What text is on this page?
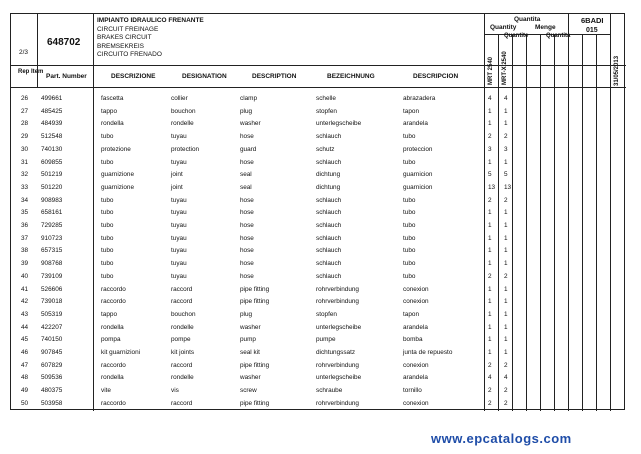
2/3
648702
IMPIANTO IDRAULICO FRENANTE
CIRCUIT FREINAGE
BRAKES CIRCUIT
BREMSEKREIS
CIRCUITO FRENADO
Quantita
Quantity	Menge
Quantite	Quantita
6BADI
015
31/05/2013
MRT 2540 MRT-X 2540
Rep Item
Part. Number	DESCRIZIONE	DESIGNATION	DESCRIPTION	BEZEICHNUNG	DESCRIPCION
26 499661	fascetta	collier	clamp	schelle	abrazadera	4 4
27 485425	tappo	bouchon	plug	stopfen	tapon	1 1
28 484939	rondella	rondelle	washer	unterlegscheibe	arandela	1 1
29 512548	tubo	tuyau	hose	schlauch	tubo	2 2
30 740130	protezione	protection	guard	schutz	proteccion	3 3
31 609855	tubo	tuyau	hose	schlauch	tubo	1 1
32 501219	guarnizione	joint	seal	dichtung	guarnicion	5 5
33 501220	guarnizione	joint	seal	dichtung	guarnicion	13 13
34 908983	tubo	tuyau	hose	schlauch	tubo	2 2
35 658161	tubo	tuyau	hose	schlauch	tubo	1 1
36 729285	tubo	tuyau	hose	schlauch	tubo	1 1
37 910723	tubo	tuyau	hose	schlauch	tubo	1 1
38 657315	tubo	tuyau	hose	schlauch	tubo	1 1
39 908768	tubo	tuyau	hose	schlauch	tubo	1 1
40 739109	tubo	tuyau	hose	schlauch	tubo	2 2
41 526606	raccordo	raccord	pipe fitting	rohrverbindung	conexion	1 1
42 739018	raccordo	raccord	pipe fitting	rohrverbindung	conexion	1 1
43 505319	tappo	bouchon	plug	stopfen	tapon	1 1
44 422207	rondella	rondelle	washer	unterlegscheibe	arandela	1 1
45 740150	pompa	pompe	pump	pumpe	bomba	1 1
46 907845	kit guarnizioni	kit joints	seal kit	dichtungssatz	junta de repuesto	1 1
47 607829	raccordo	raccord	pipe fitting	rohrverbindung	conexion	2 2
48 509536	rondella	rondelle	washer	unterlegscheibe	arandela	4 4
49 480375	vite	vis	screw	schraube	tornillo	2 2
50 503958	raccordo	raccord	pipe fitting	rohrverbindung	conexion	2 2
www.epcatalogs.com
